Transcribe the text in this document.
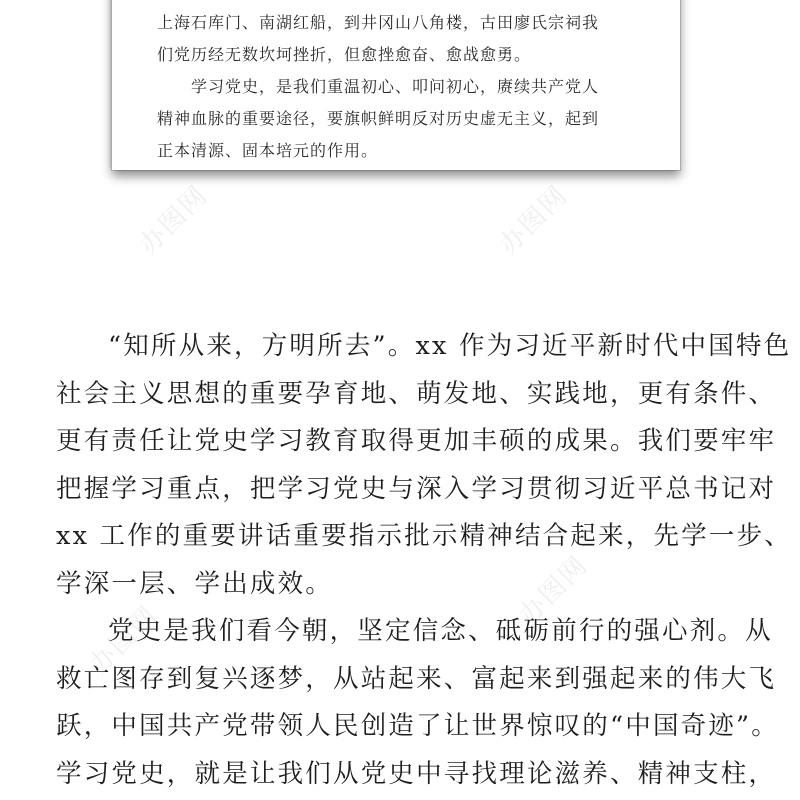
上海石库门、南湖红船，到井冈山八角楼，古田廖氏宗祠我

们党历经无数坎坷挫折，但愈挫愈奋、愈战愈勇。

学习党史，是我们重温初心、叩问初心，赓续共产党人

精神血脉的重要途径，要旗帜鲜明反对历史虚无主义，起到

正本清源、固本培元的作用。

办图网	办图网
办图网
办图网
“知所从来，方明所去”。xx 作为习近平新时代中国特色
社会主义思想的重要孕育地、萌发地、实践地，更有条件、
更有责任让党史学习教育取得更加丰硕的成果。我们要牢牢
把握学习重点，把学习党史与深入学习贯彻习近平总书记对
xx 工作的重要讲话重要指示批示精神结合起来，先学一步、
学深一层、学出成效。
党史是我们看今朝，坚定信念、砥砺前行的强心剂。从
救亡图存到复兴逐梦，从站起来、富起来到强起来的伟大飞
跃，中国共产党带领人民创造了让世界惊叹的“中国奇迹”。
学习党史，就是让我们从党史中寻找理论滋养、精神支柱，
